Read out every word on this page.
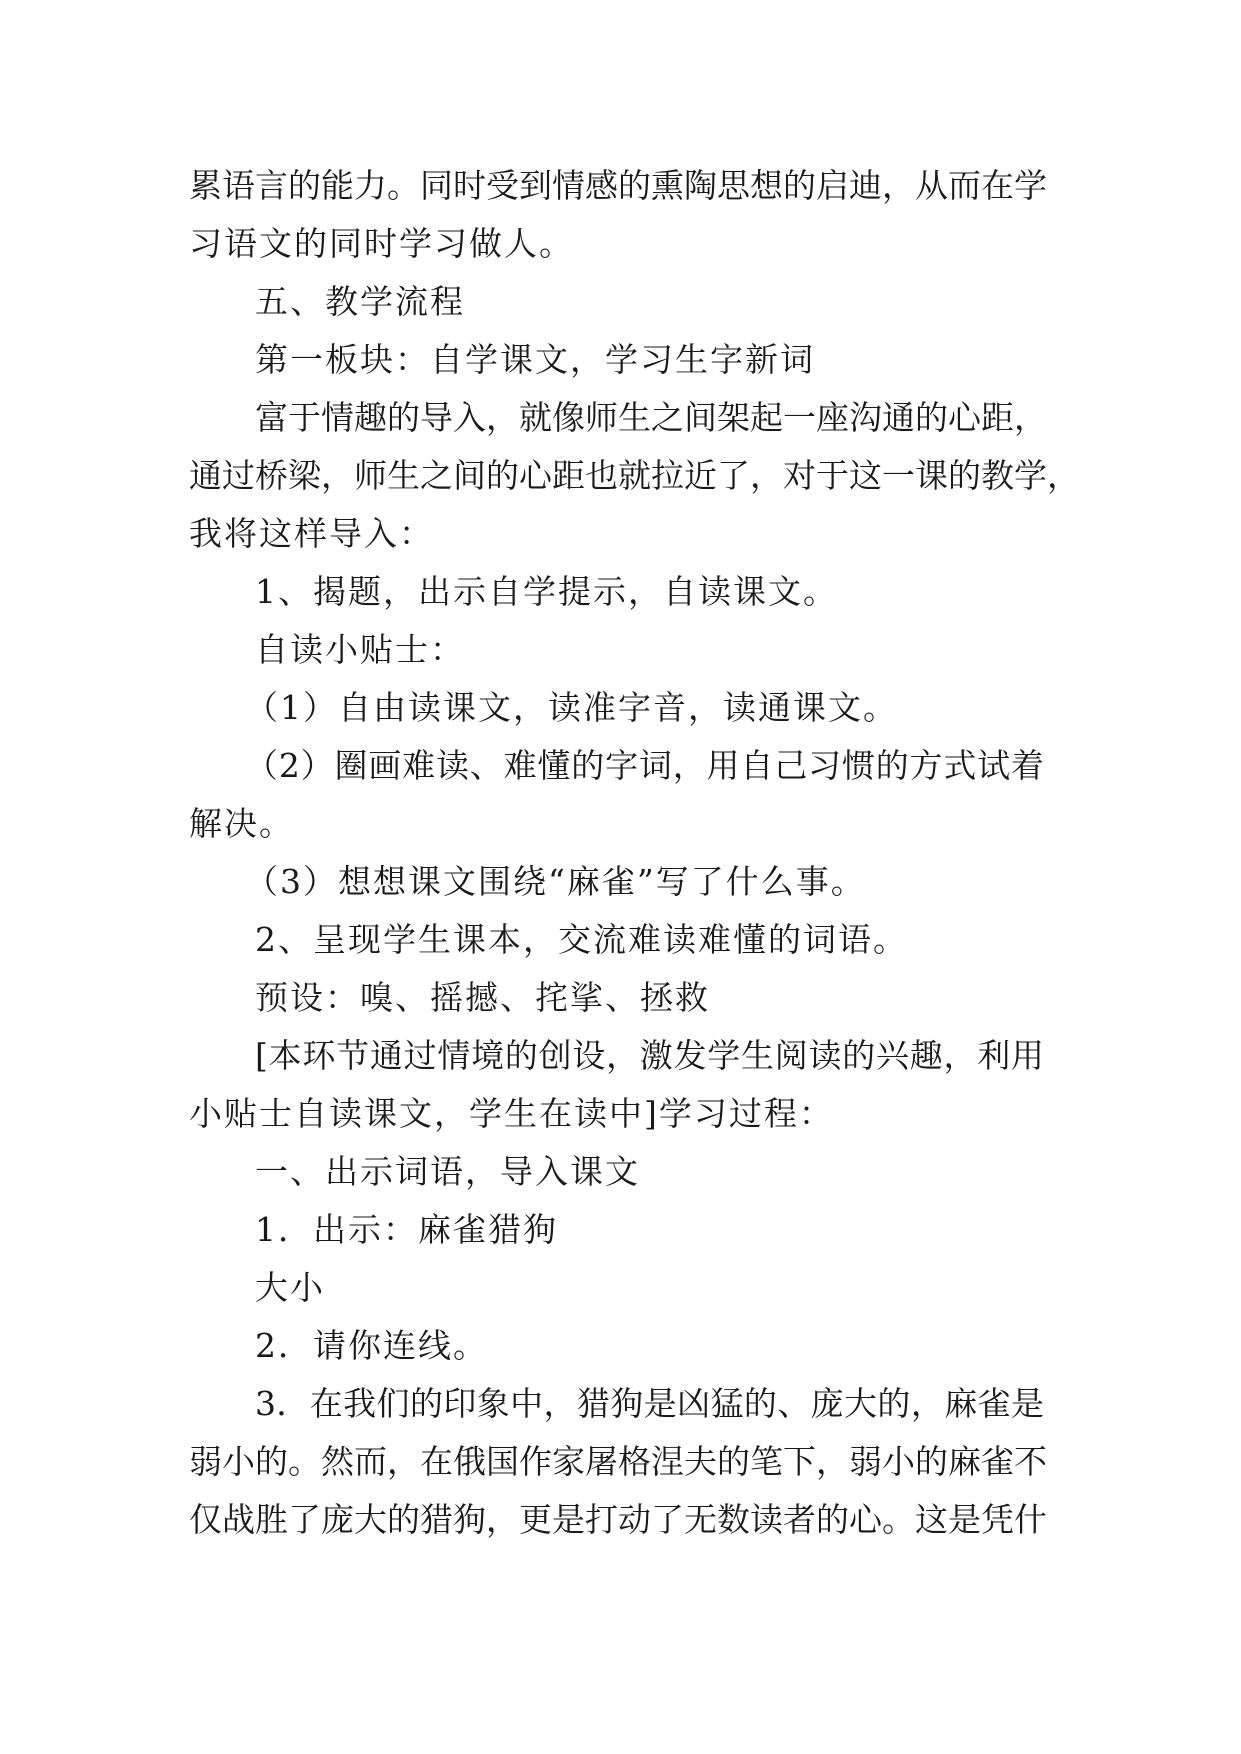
累语言的能力。同时受到情感的熏陶思想的启迪，从而在学
习语文的同时学习做人。
五、教学流程
第一板块：自学课文，学习生字新词
富于情趣的导入，就像师生之间架起一座沟通的心距，
通过桥梁，师生之间的心距也就拉近了，对于这一课的教学，
我将这样导入：
1、揭题，出示自学提示，自读课文。
自读小贴士：
（1）自由读课文，读准字音，读通课文。
（2）圈画难读、难懂的字词，用自己习惯的方式试着
解决。
（3）想想课文围绕“麻雀”写了什么事。
2、呈现学生课本，交流难读难懂的词语。
预设：嗅、摇撼、挓挲、拯救
[本环节通过情境的创设，激发学生阅读的兴趣，利用
小贴士自读课文，学生在读中]学习过程：
一、出示词语，导入课文
1．出示：麻雀猎狗
大小
2．请你连线。
3．在我们的印象中，猎狗是凶猛的、庞大的，麻雀是
弱小的。然而，在俄国作家屠格涅夫的笔下，弱小的麻雀不
仅战胜了庞大的猎狗，更是打动了无数读者的心。这是凭什
